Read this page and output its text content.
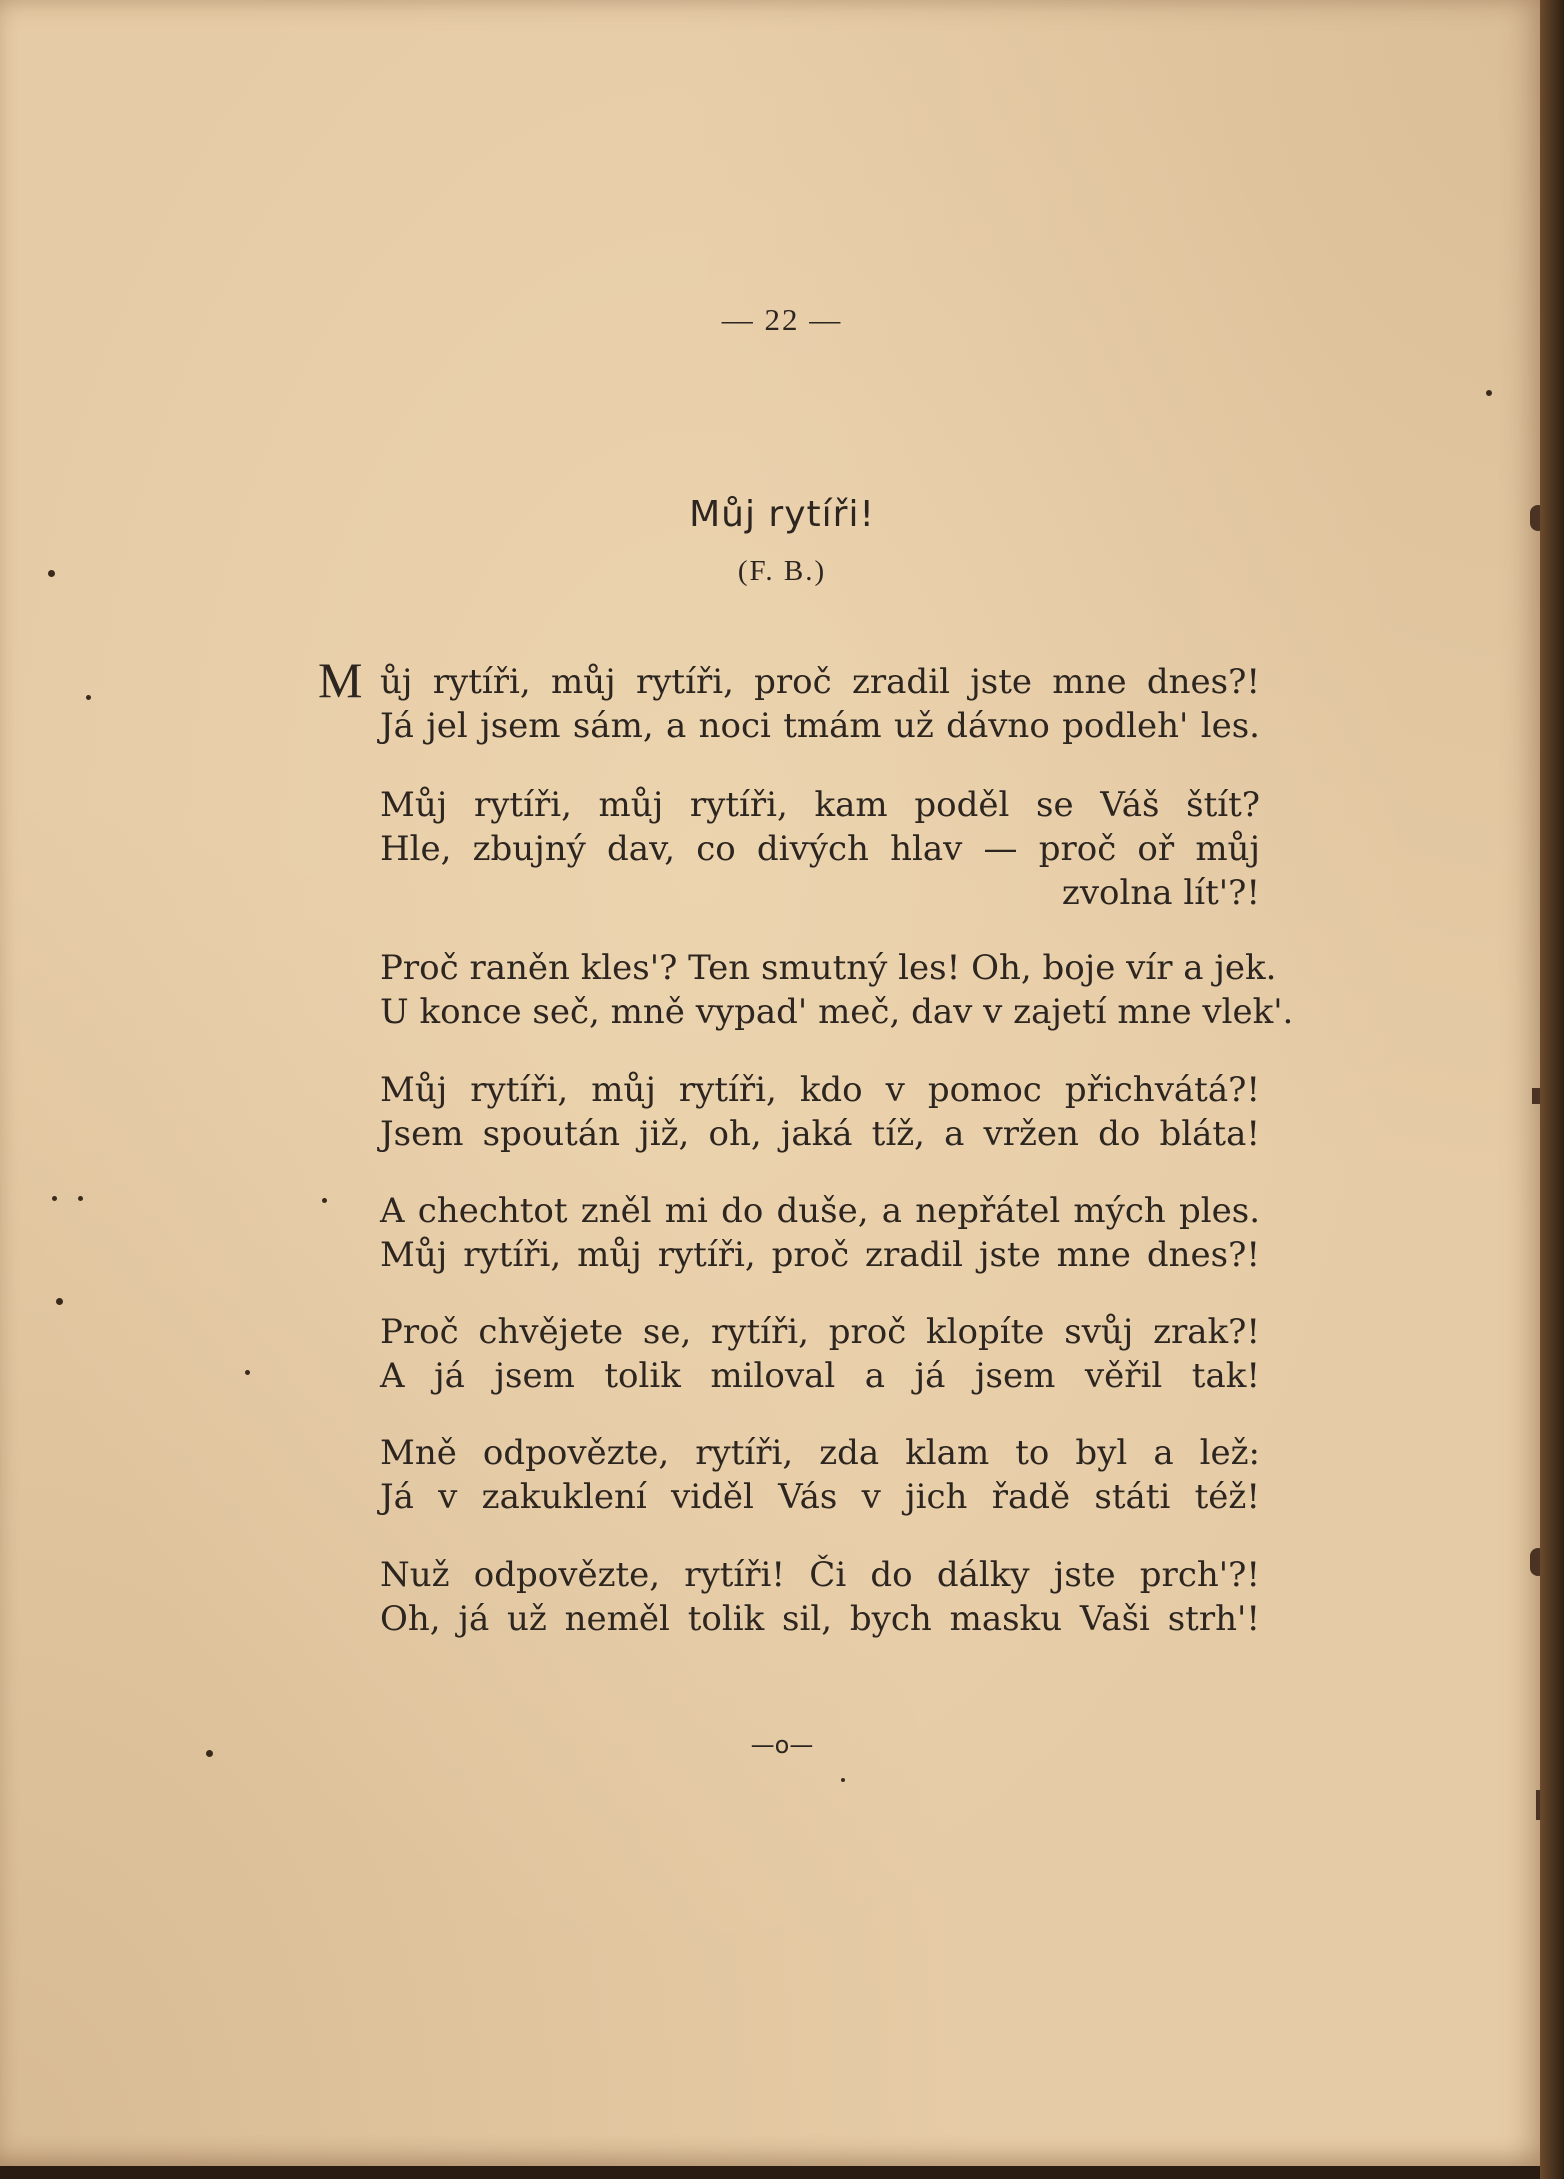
— 22 —
Můj rytíři!
(F. B.)
M ůj rytíři, můj rytíři, proč zradil jste mne dnes?!
Já jel jsem sám, a noci tmám už dávno podleh' les.
Můj rytíři, můj rytíři, kam poděl se Váš štít?
Hle, zbujný dav, co divých hlav — proč oř můj
zvolna lít'?!
Proč raněn kles'? Ten smutný les! Oh, boje vír a jek.
U konce seč, mně vypad' meč, dav v zajetí mne vlek'.
Můj rytíři, můj rytíři, kdo v pomoc přichvátá?!
Jsem spoután již, oh, jaká tíž, a vržen do bláta!
A chechtot zněl mi do duše, a nepřátel mých ples.
Můj rytíři, můj rytíři, proč zradil jste mne dnes?!
Proč chvějete se, rytíři, proč klopíte svůj zrak?!
A já jsem tolik miloval a já jsem věřil tak!
Mně odpovězte, rytíři, zda klam to byl a lež:
Já v zakuklení viděl Vás v jich řadě státi též!
Nuž odpovězte, rytíři! Či do dálky jste prch'?!
Oh, já už neměl tolik sil, bych masku Vaši strh'!
—o—
